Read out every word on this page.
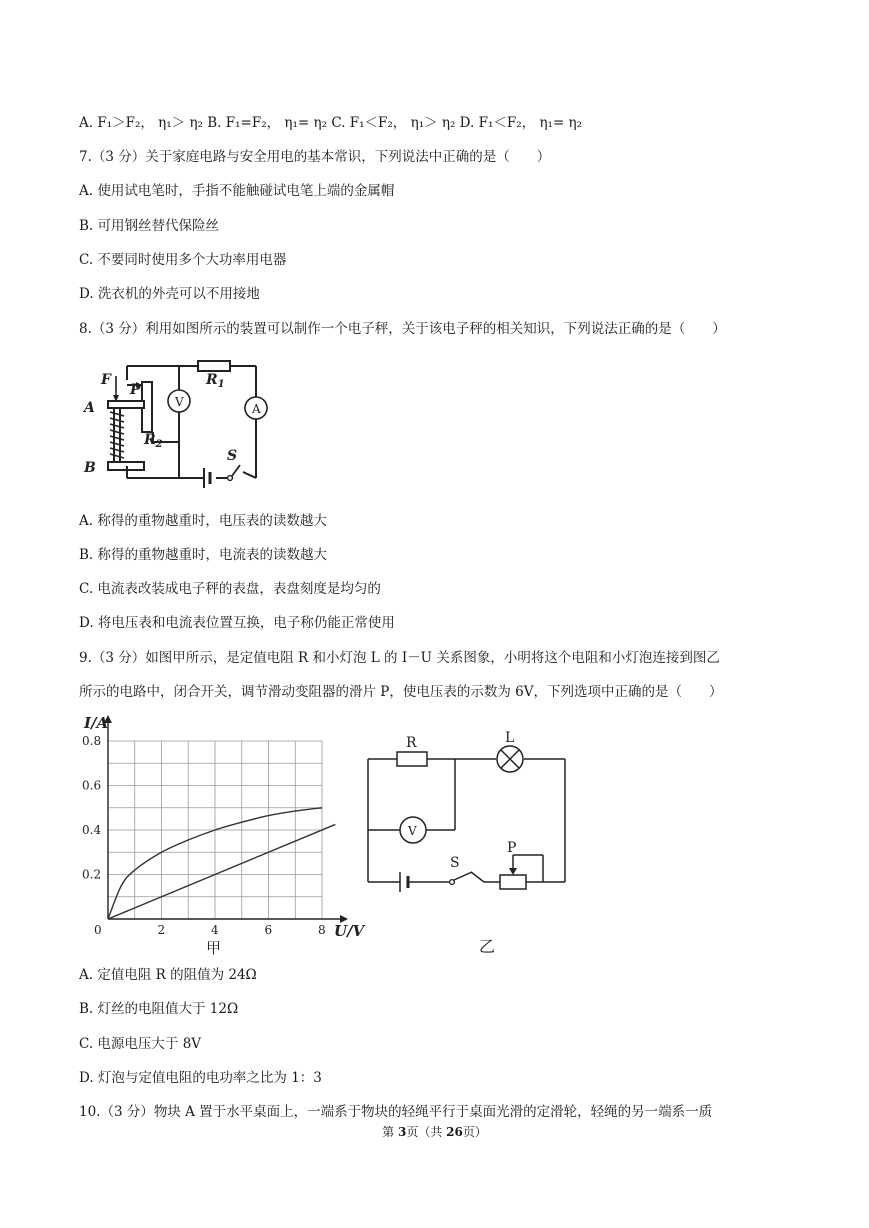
A. F₁＞F₂， η₁＞ η₂ B. F₁=F₂， η₁= η₂ C. F₁＜F₂， η₁＞ η₂ D. F₁＜F₂， η₁= η₂
7.（3 分）关于家庭电路与安全用电的基本常识，下列说法中正确的是（　　）
A. 使用试电笔时，手指不能触碰试电笔上端的金属帽
B. 可用钢丝替代保险丝
C. 不要同时使用多个大功率用电器
D. 洗衣机的外壳可以不用接地
8.（3 分）利用如图所示的装置可以制作一个电子秤，关于该电子秤的相关知识，下列说法正确的是（　　）
F
P
A
B
$R_1$
$R_2$
S
V	A
A. 称得的重物越重时，电压表的读数越大
B. 称得的重物越重时，电流表的读数越大
C. 电流表改装成电子秤的表盘，表盘刻度是均匀的
D. 将电压表和电流表位置互换，电子称仍能正常使用
9.（3 分）如图甲所示，是定值电阻 R 和小灯泡 L 的 I－U 关系图象，小明将这个电阻和小灯泡连接到图乙
所示的电路中，闭合开关，调节滑动变阻器的滑片 P，使电压表的示数为 6V，下列选项中正确的是（　　）
0	2	4	6	8
0.2
0.4
0.6
0.8
I/A
U/V
甲
R	L
V
S
P
乙
A. 定值电阻 R 的阻值为 24Ω
B. 灯丝的电阻值大于 12Ω
C. 电源电压大于 8V
D. 灯泡与定值电阻的电功率之比为 1：3
10.（3 分）物块 A 置于水平桌面上，一端系于物块的轻绳平行于桌面光滑的定滑轮，轻绳的另一端系一质
第 3页（共 26页）
